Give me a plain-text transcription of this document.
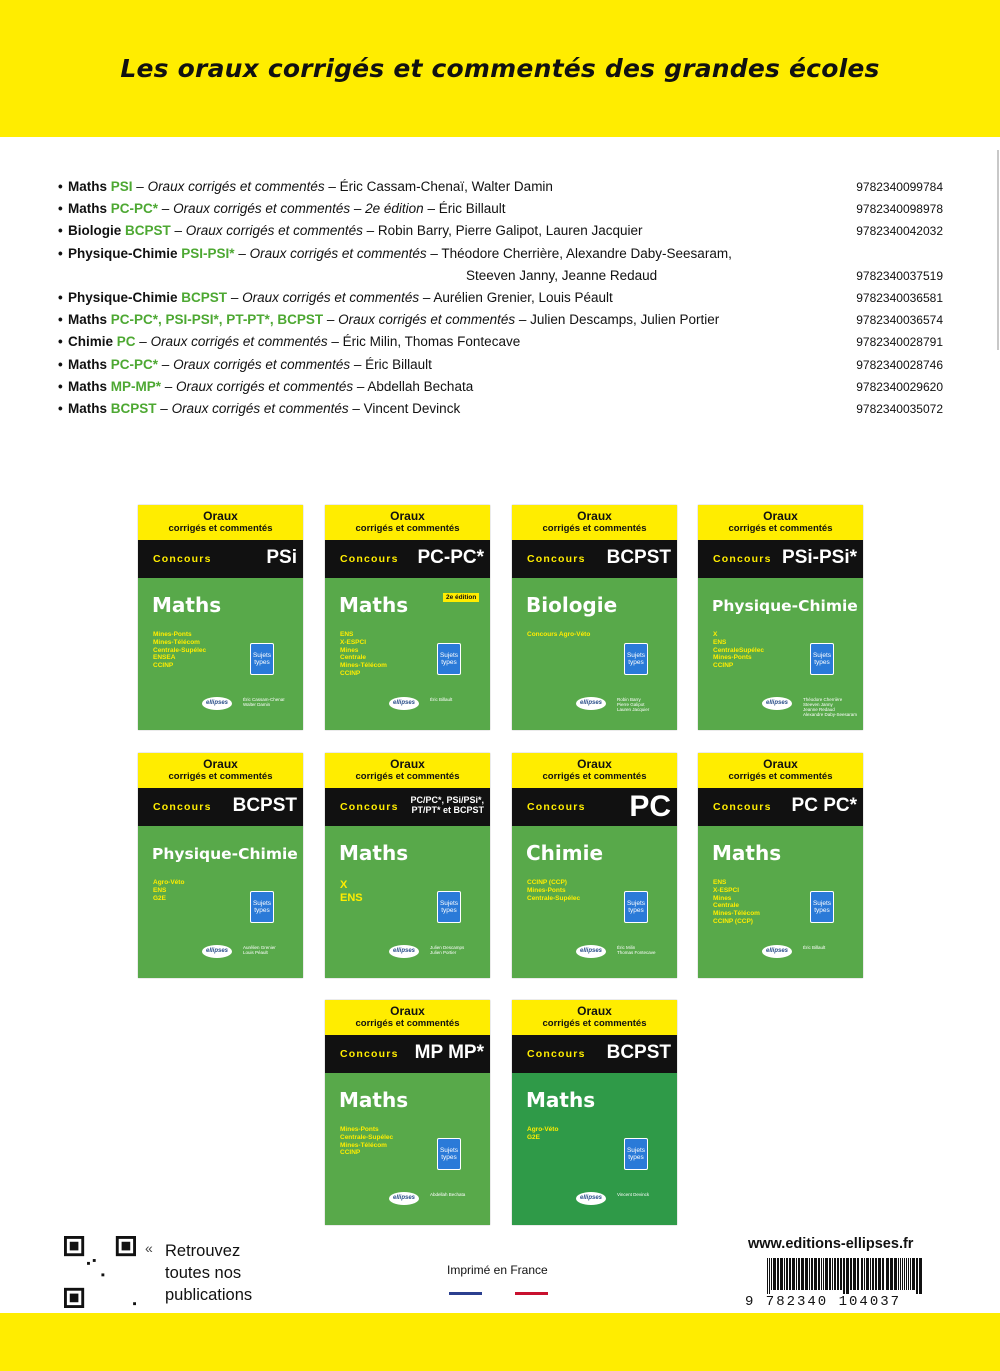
Les oraux corrigés et commentés des grandes écoles
• Maths PSI – Oraux corrigés et commentés – Éric Cassam-Chenaï, Walter Damin	9782340099784
• Maths PC-PC* – Oraux corrigés et commentés – 2e édition – Éric Billault	9782340098978
• Biologie BCPST – Oraux corrigés et commentés – Robin Barry, Pierre Galipot, Lauren Jacquier	9782340042032
• Physique-Chimie PSI-PSI* – Oraux corrigés et commentés – Théodore Cherrière, Alexandre Daby-Seesaram,
Steeven Janny, Jeanne Redaud	9782340037519
• Physique-Chimie BCPST – Oraux corrigés et commentés – Aurélien Grenier, Louis Péault	9782340036581
• Maths PC-PC*, PSI-PSI*, PT-PT*, BCPST – Oraux corrigés et commentés – Julien Descamps, Julien Portier	9782340036574
• Chimie PC – Oraux corrigés et commentés – Éric Milin, Thomas Fontecave	9782340028791
• Maths PC-PC* – Oraux corrigés et commentés – Éric Billault	9782340028746
• Maths MP-MP* – Oraux corrigés et commentés – Abdellah Bechata	9782340029620
• Maths BCPST – Oraux corrigés et commentés – Vincent Devinck	9782340035072
Oraux
corrigés et commentés
Concours	PSi
Maths
Mines-Ponts
Mines-Télécom
Centrale-Supélec
ENSEA
CCINP
Sujets types
ellipses
Éric Cassam-Chenaï
Walter Damin
Oraux
corrigés et commentés
Concours PC-PC*
Maths	2e édition
ENS
X-ESPCI
Mines
Centrale
Mines-Télécom
CCINP
Sujets types
ellipses
Éric Billault
Oraux
corrigés et commentés
Concours	BCPST
Biologie
Concours Agro-Véto
Sujets types
ellipses
Robin Barry
Pierre Galipot
Lauren Jacquier
Oraux
corrigés et commentés
Concours PSi-PSi*
Physique-Chimie
X
ENS
CentraleSupélec
Mines-Ponts
CCINP
Sujets types
ellipses
Théodore Cherrière
Steeven Janny
Jeanne Redaud
Alexandre Daby-Seesaram
Oraux
corrigés et commentés
Concours	BCPST
Physique-Chimie
Agro-Véto
ENS
G2E
Sujets types
ellipses
Aurélien Grenier
Louis Péault
Oraux
corrigés et commentés
Concours
PC/PC*, PSi/PSi*, PT/PT* et BCPST
Maths
X
ENS	Sujets types
ellipses
Julien Descamps
Julien Portier
Oraux
corrigés et commentés
Concours	PC
Chimie
CCINP (CCP)
Mines-Ponts
Centrale-Supélec
Sujets types
ellipses
Éric Milin
Thomas Fontecave
Oraux
corrigés et commentés
Concours	PC PC*
Maths
ENS
X-ESPCI
Mines
Centrale
Mines-Télécom
CCINP (CCP)
Sujets types
ellipses
Éric Billault
Oraux
corrigés et commentés
Concours MP MP*
Maths
Mines-Ponts
Centrale-Supélec
Mines-Télécom
CCINP	Sujets types
ellipses
Abdellah Bechata
Oraux
corrigés et commentés
Concours	BCPST
Maths
Agro-Véto
G2E
Sujets types
ellipses
Vincent Devinck
« Retrouvez
toutes nos
publications
Imprimé en France
www.editions-ellipses.fr
9 782340 104037
